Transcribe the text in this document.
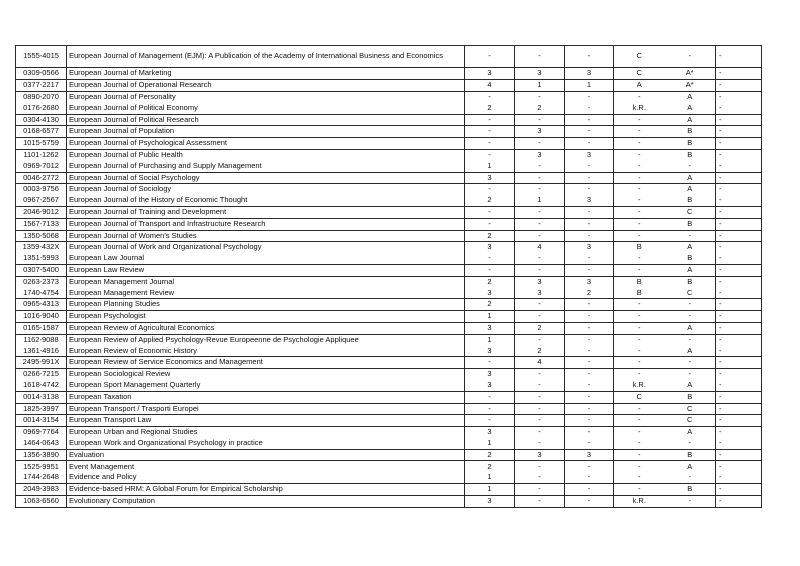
1555-4015	European Journal of Management (EJM): A Publication of the Academy of International Business and Economics	-	-	-	C	-	-
0309-0566	European Journal of Marketing	3	3	3	C	A*	-
0377-2217	European Journal of Operational Research	4	1	1	A	A*	-
0890-2070	European Journal of Personality	-	-	-	-	A	-
0176-2680	European Journal of Political Economy	2	2	-	k.R.	A	-
0304-4130	European Journal of Political Research	-	-	-	-	A	-
0168-6577	European Journal of Population	-	3	-	-	B	-
1015-5759	European Journal of Psychological Assessment	-	-	-	-	B	-
1101-1262	European Journal of Public Health	-	3	3	-	B	-
0969-7012	European Journal of Purchasing and Supply Management	1	-	-	-	-	-
0046-2772	European Journal of Social Psychology	3	-	-	-	A	-
0003-9756	European Journal of Sociology	-	-	-	-	A	-
0967-2567	European Journal of the History of Economic Thought	2	1	3	-	B	-
2046-9012	European Journal of Training and Development	-	-	-	-	C	-
1567-7133	European Journal of Transport and Infrastructure Research	-	-	-	-	B	-
1350-5068	European Journal of Women's Studies	2	-	-	-	-	-
1359-432X	European Journal of Work and Organizational Psychology	3	4	3	B	A	-
1351-5993	European Law Journal	-	-	-	-	B	-
0307-5400	European Law Review	-	-	-	-	A	-
0263-2373	European Management Journal	2	3	3	B	B	-
1740-4754	European Management Review	3	3	2	B	C	-
0965-4313	European Planning Studies	2	-	-	-	-	-
1016-9040	European Psychologist	1	-	-	-	-	-
0165-1587	European Review of Agricultural Economics	3	2	-	-	A	-
1162-9088	European Review of Applied Psychology-Revue Europeenne de Psychologie Appliquee	1	-	-	-	-	-
1361-4916	European Review of Economic History	3	2	-	-	A	-
2495-991X	European Review of Service Economics and Management	-	4	-	-	-	-
0266-7215	European Sociological Review	3	-	-	-	-	-
1618-4742	European Sport Management Quarterly	3	-	-	k.R.	A	-
0014-3138	European Taxation	-	-	-	C	B	-
1825-3997	European Transport / Trasporti Europei	-	-	-	-	C	-
0014-3154	European Transport Law	-	-	-	-	C	-
0969-7764	European Urban and Regional Studies	3	-	-	-	A	-
1464-0643	European Work and Organizational Psychology in practice	1	-	-	-	-	-
1356-3890	Evaluation	2	3	3	-	B	-
1525-9951	Event Management	2	-	-	-	A	-
1744-2648	Evidence and Policy	1	-	-	-	-	-
2049-3983	Evidence-based HRM: A Global Forum for Empirical Scholarship	1	-	-	-	B	-
1063-6560	Evolutionary Computation	3	-	-	k.R.	-	-
